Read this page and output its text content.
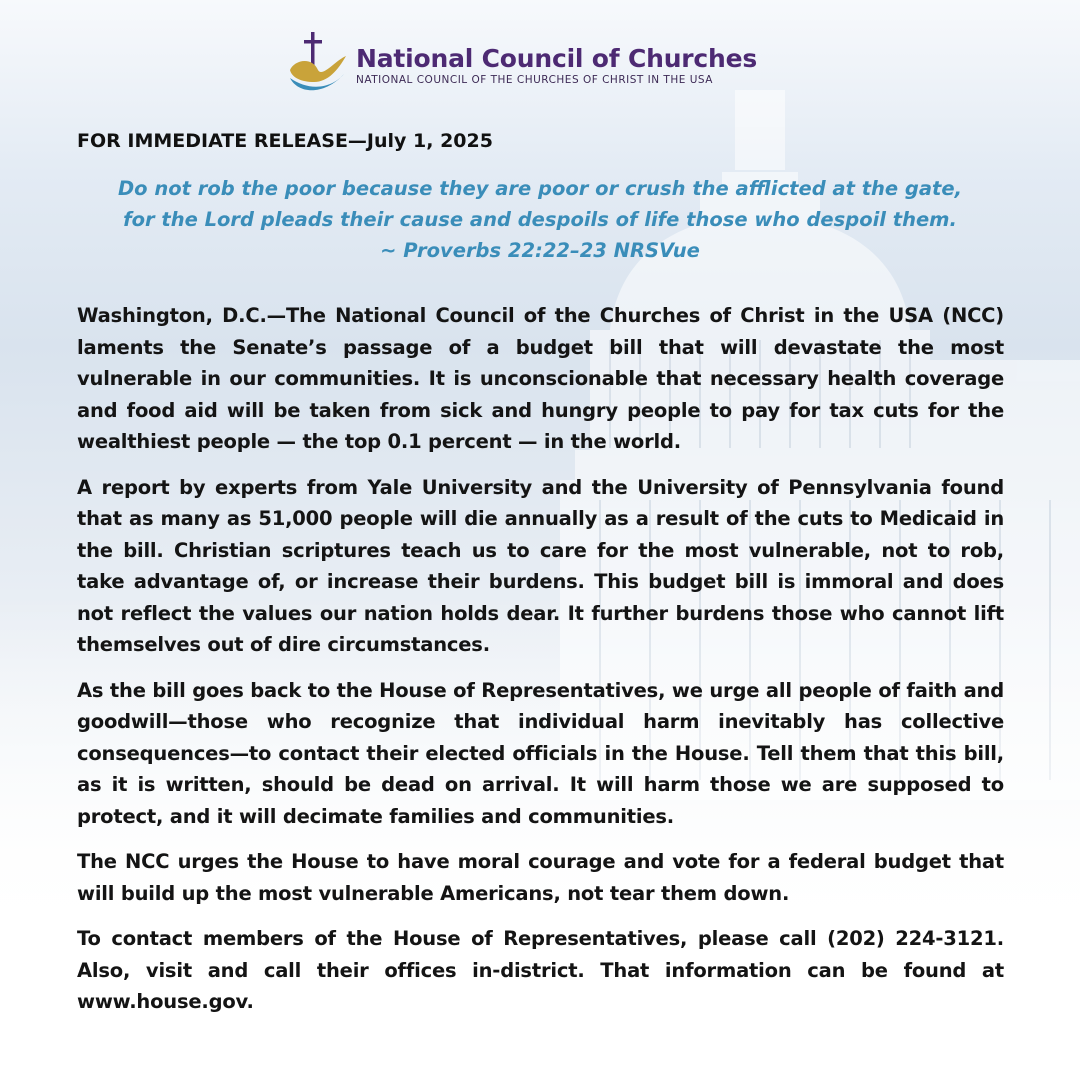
National Council of Churches
NATIONAL COUNCIL OF THE CHURCHES OF CHRIST IN THE USA
FOR IMMEDIATE RELEASE—July 1, 2025
Do not rob the poor because they are poor or crush the afflicted at the gate,
for the Lord pleads their cause and despoils of life those who despoil them.
~ Proverbs 22:22–23 NRSVue

Washington, D.C.—The National Council of the Churches of Christ in the USA (NCC) laments the Senate’s passage of a budget bill that will devastate the most vulnerable in our communities. It is unconscionable that necessary health coverage and food aid will be taken from sick and hungry people to pay for tax cuts for the wealthiest people — the top 0.1 percent — in the world.

A report by experts from Yale University and the University of Pennsylvania found that as many as 51,000 people will die annually as a result of the cuts to Medicaid in the bill. Christian scriptures teach us to care for the most vulnerable, not to rob, take advantage of, or increase their burdens. This budget bill is immoral and does not reflect the values our nation holds dear. It further burdens those who cannot lift themselves out of dire circumstances.

As the bill goes back to the House of Representatives, we urge all people of faith and goodwill—those who recognize that individual harm inevitably has collective consequences—to contact their elected officials in the House. Tell them that this bill, as it is written, should be dead on arrival. It will harm those we are supposed to protect, and it will decimate families and communities.

The NCC urges the House to have moral courage and vote for a federal budget that will build up the most vulnerable Americans, not tear them down.

To contact members of the House of Representatives, please call (202) 224-3121. Also, visit and call their offices in-district. That information can be found at www.house.gov.
